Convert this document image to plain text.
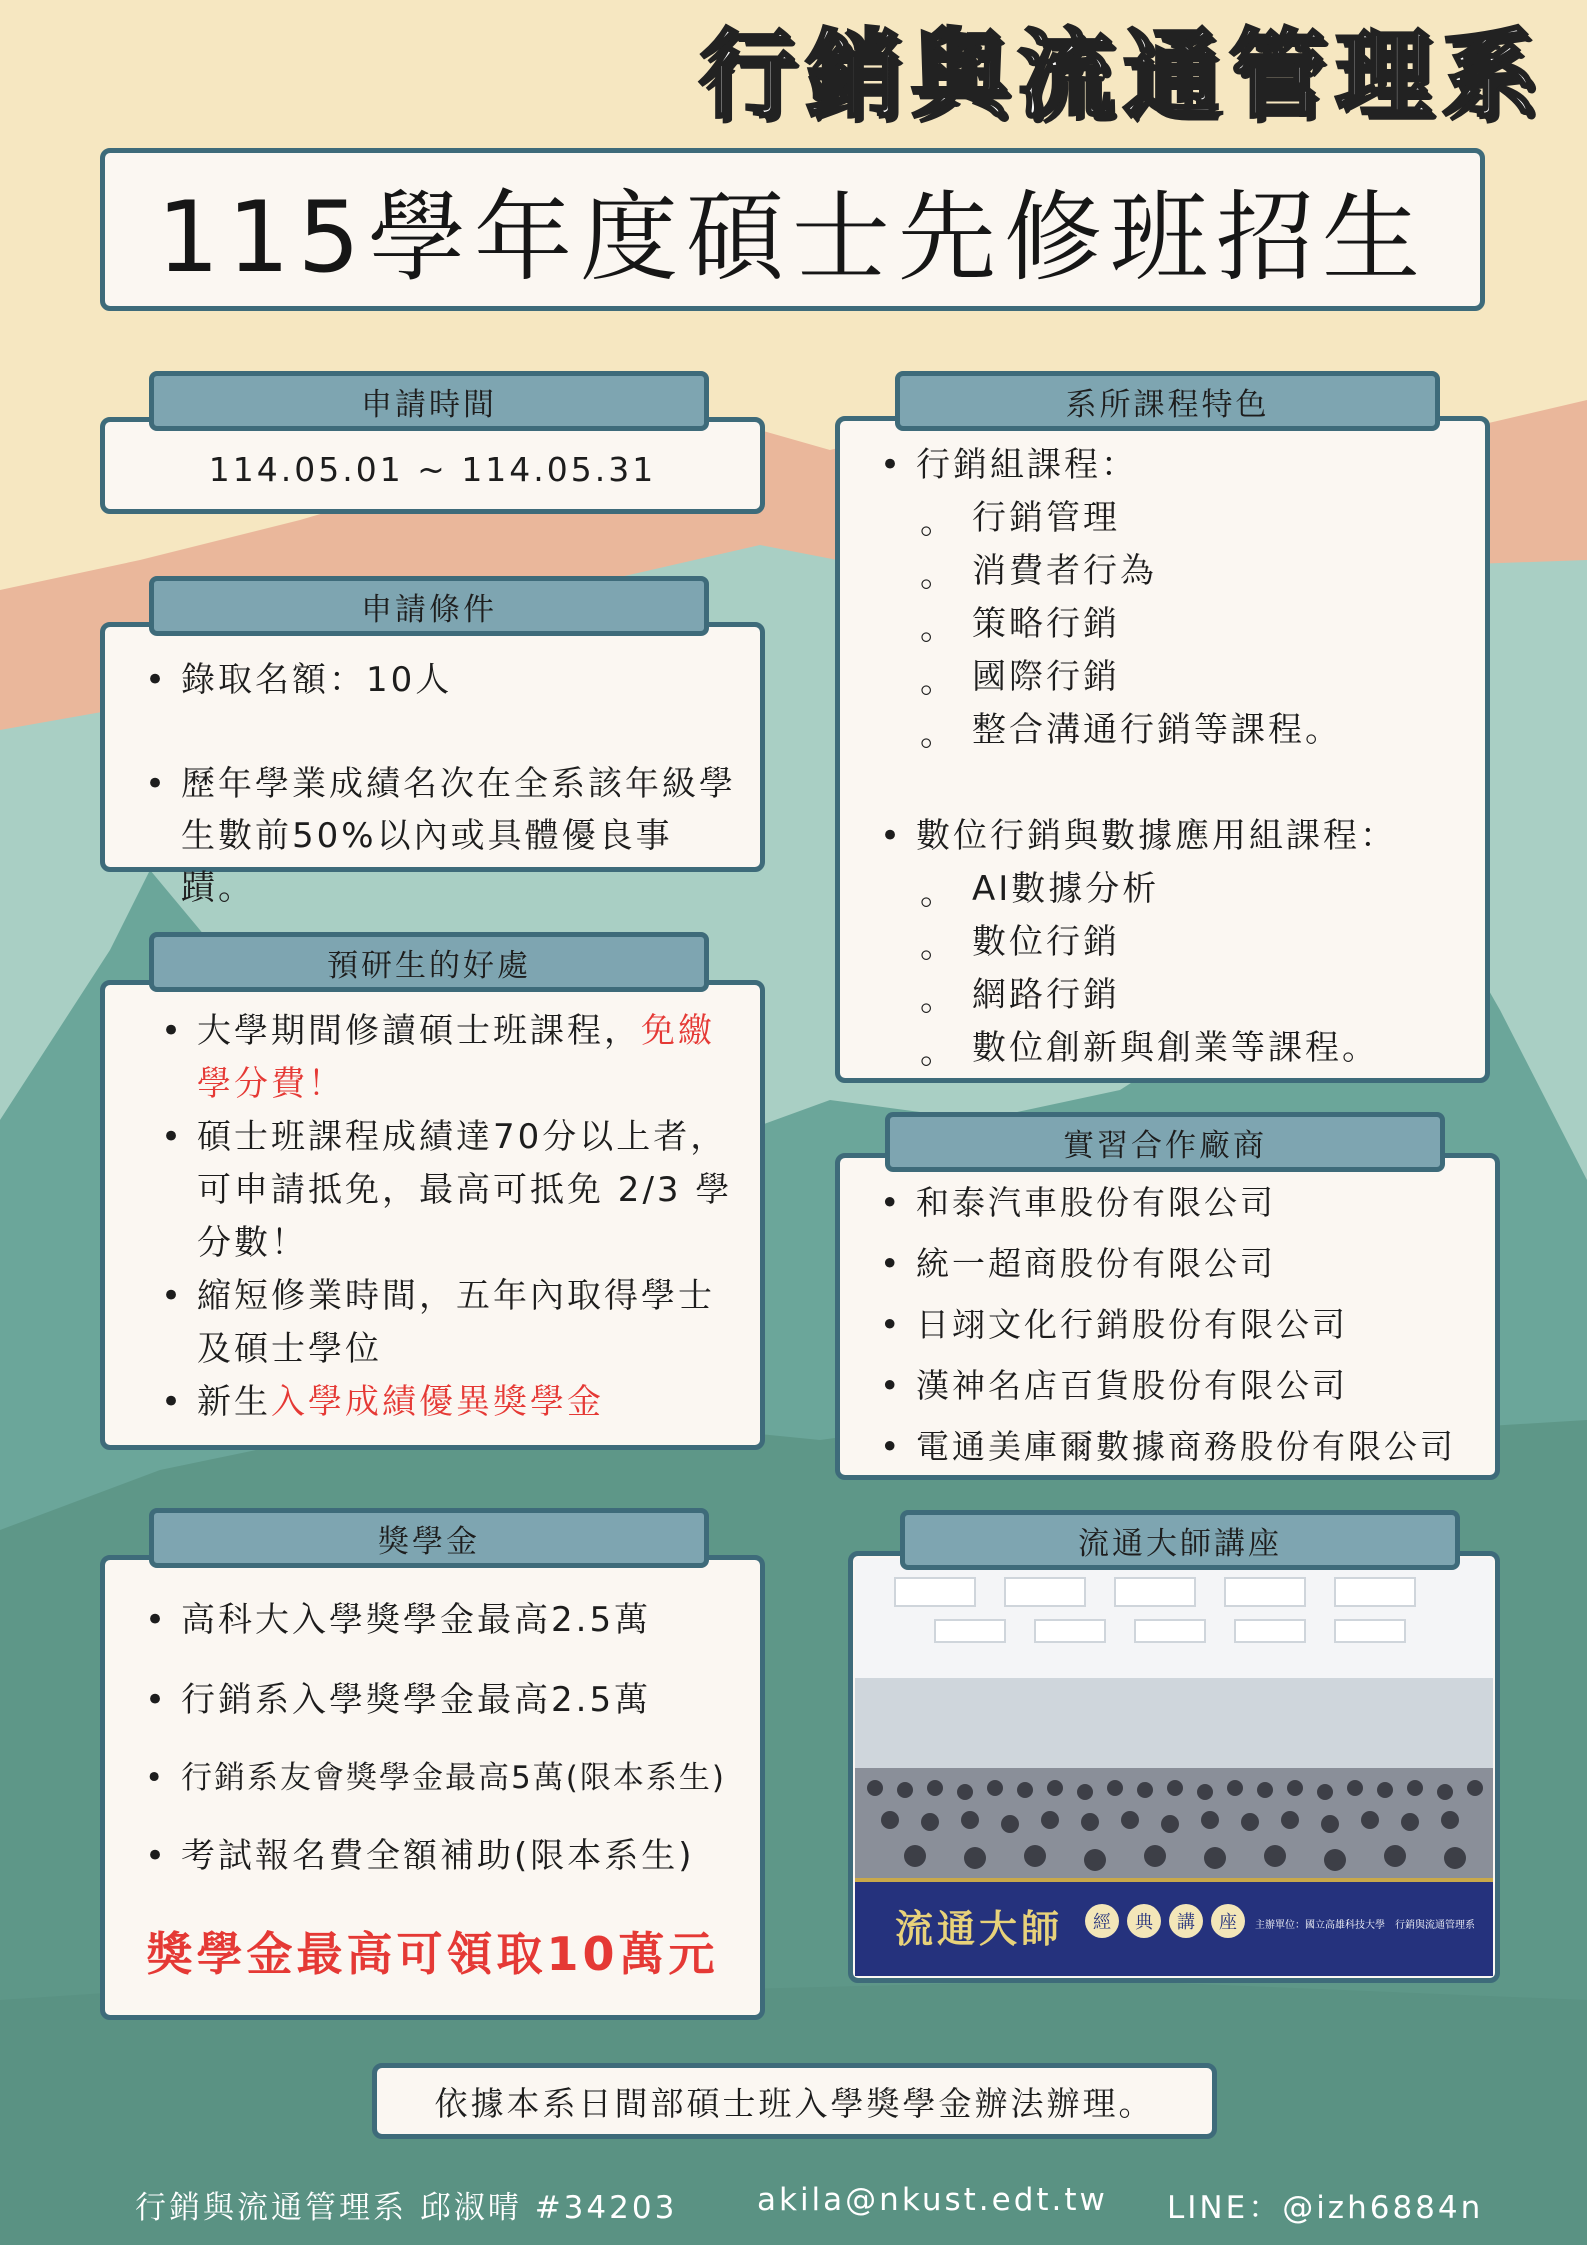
行銷與流通管理系
115學年度碩士先修班招生
114.05.01 ~ 114.05.31
申請時間
• 錄取名額：10人
• 歷年學業成績名次在全系該年級學生數前50%以內或具體優良事蹟。
申請條件
• 大學期間修讀碩士班課程，免繳學分費！
• 碩士班課程成績達70分以上者，可申請抵免，最高可抵免 2/3 學分數！
• 縮短修業時間，五年內取得學士及碩士學位
• 新生入學成績優異獎學金
預研生的好處
• 高科大入學獎學金最高2.5萬
• 行銷系入學獎學金最高2.5萬
• 行銷系友會獎學金最高5萬(限本系生)
• 考試報名費全額補助(限本系生)
獎學金最高可領取10萬元
獎學金
• 行銷組課程：
。 行銷管理
。 消費者行為
。 策略行銷
。 國際行銷
。 整合溝通行銷等課程。
• 數位行銷與數據應用組課程：
。 AI數據分析
。 數位行銷
。 網路行銷
。 數位創新與創業等課程。
系所課程特色
• 和泰汽車股份有限公司
• 統一超商股份有限公司
• 日翊文化行銷股份有限公司
• 漢神名店百貨股份有限公司
• 電通美庫爾數據商務股份有限公司
實習合作廠商
流通大師	經	典	講	座	主辦單位：國立高雄科技大學 行銷與流通管理系
流通大師講座
依據本系日間部碩士班入學獎學金辦法辦理。
行銷與流通管理系 邱淑晴 #34203	akila@nkust.edt.tw LINE：@izh6884n
